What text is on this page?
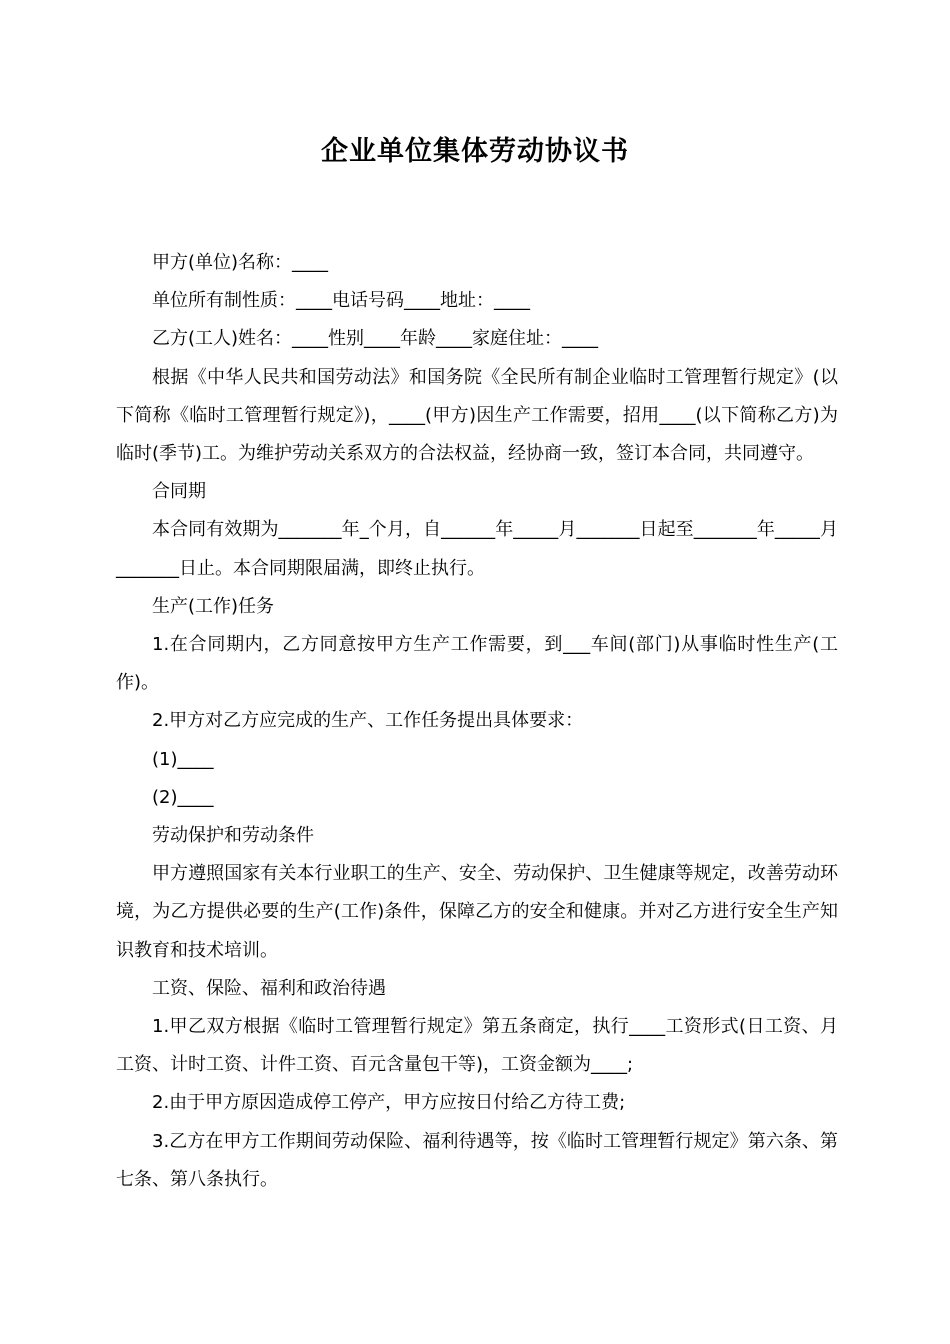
企业单位集体劳动协议书

甲方(单位)名称：____

单位所有制性质：____电话号码____地址：____

乙方(工人)姓名：____性别____年龄____家庭住址：____

根据《中华人民共和国劳动法》和国务院《全民所有制企业临时工管理暂行规定》(以下简称《临时工管理暂行规定》)，____(甲方)因生产工作需要，招用____(以下简称乙方)为临时(季节)工。为维护劳动关系双方的合法权益，经协商一致，签订本合同，共同遵守。

合同期

本合同有效期为_______年_个月，自______年_____月_______日起至_______年_____月_______日止。本合同期限届满，即终止执行。

生产(工作)任务

1.在合同期内，乙方同意按甲方生产工作需要，到___车间(部门)从事临时性生产(工作)。

2.甲方对乙方应完成的生产、工作任务提出具体要求：

(1)____

(2)____

劳动保护和劳动条件

甲方遵照国家有关本行业职工的生产、安全、劳动保护、卫生健康等规定，改善劳动环境，为乙方提供必要的生产(工作)条件，保障乙方的安全和健康。并对乙方进行安全生产知识教育和技术培训。

工资、保险、福利和政治待遇

1.甲乙双方根据《临时工管理暂行规定》第五条商定，执行____工资形式(日工资、月工资、计时工资、计件工资、百元含量包干等)，工资金额为____;

2.由于甲方原因造成停工停产，甲方应按日付给乙方待工费;

3.乙方在甲方工作期间劳动保险、福利待遇等，按《临时工管理暂行规定》第六条、第七条、第八条执行。
